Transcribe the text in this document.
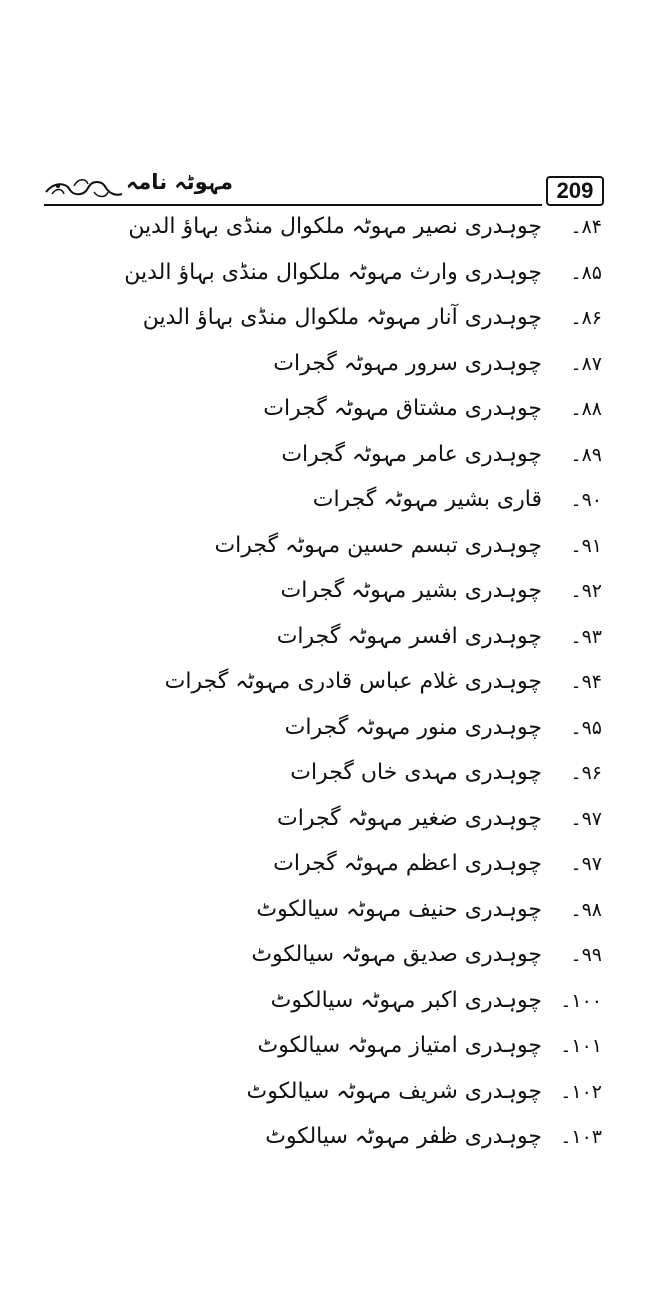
مہوٹہ نامہ	209
۸۴۔
چوہدری نصیر مہوٹہ ملکوال منڈی بہاؤ الدین
۸۵۔
چوہدری وارث مہوٹہ ملکوال منڈی بہاؤ الدین
۸۶۔
چوہدری آنار مہوٹہ ملکوال منڈی بہاؤ الدین
۸۷۔
چوہدری سرور مہوٹہ گجرات
۸۸۔
چوہدری مشتاق مہوٹہ گجرات
۸۹۔
چوہدری عامر مہوٹہ گجرات
۹۰۔
قاری بشیر مہوٹہ گجرات
۹۱۔
چوہدری تبسم حسین مہوٹہ گجرات
۹۲۔
چوہدری بشیر مہوٹہ گجرات
۹۳۔
چوہدری افسر مہوٹہ گجرات
۹۴۔
چوہدری غلام عباس قادری مہوٹہ گجرات
۹۵۔
چوہدری منور مہوٹہ گجرات
۹۶۔
چوہدری مہدی خاں گجرات
۹۷۔
چوہدری ضغیر مہوٹہ گجرات
۹۷۔
چوہدری اعظم مہوٹہ گجرات
۹۸۔
چوہدری حنیف مہوٹہ سیالکوٹ
۹۹۔
چوہدری صدیق مہوٹہ سیالکوٹ
۱۰۰۔
چوہدری اکبر مہوٹہ سیالکوٹ
۱۰۱۔
چوہدری امتیاز مہوٹہ سیالکوٹ
۱۰۲۔
چوہدری شریف مہوٹہ سیالکوٹ
۱۰۳۔
چوہدری ظفر مہوٹہ سیالکوٹ
